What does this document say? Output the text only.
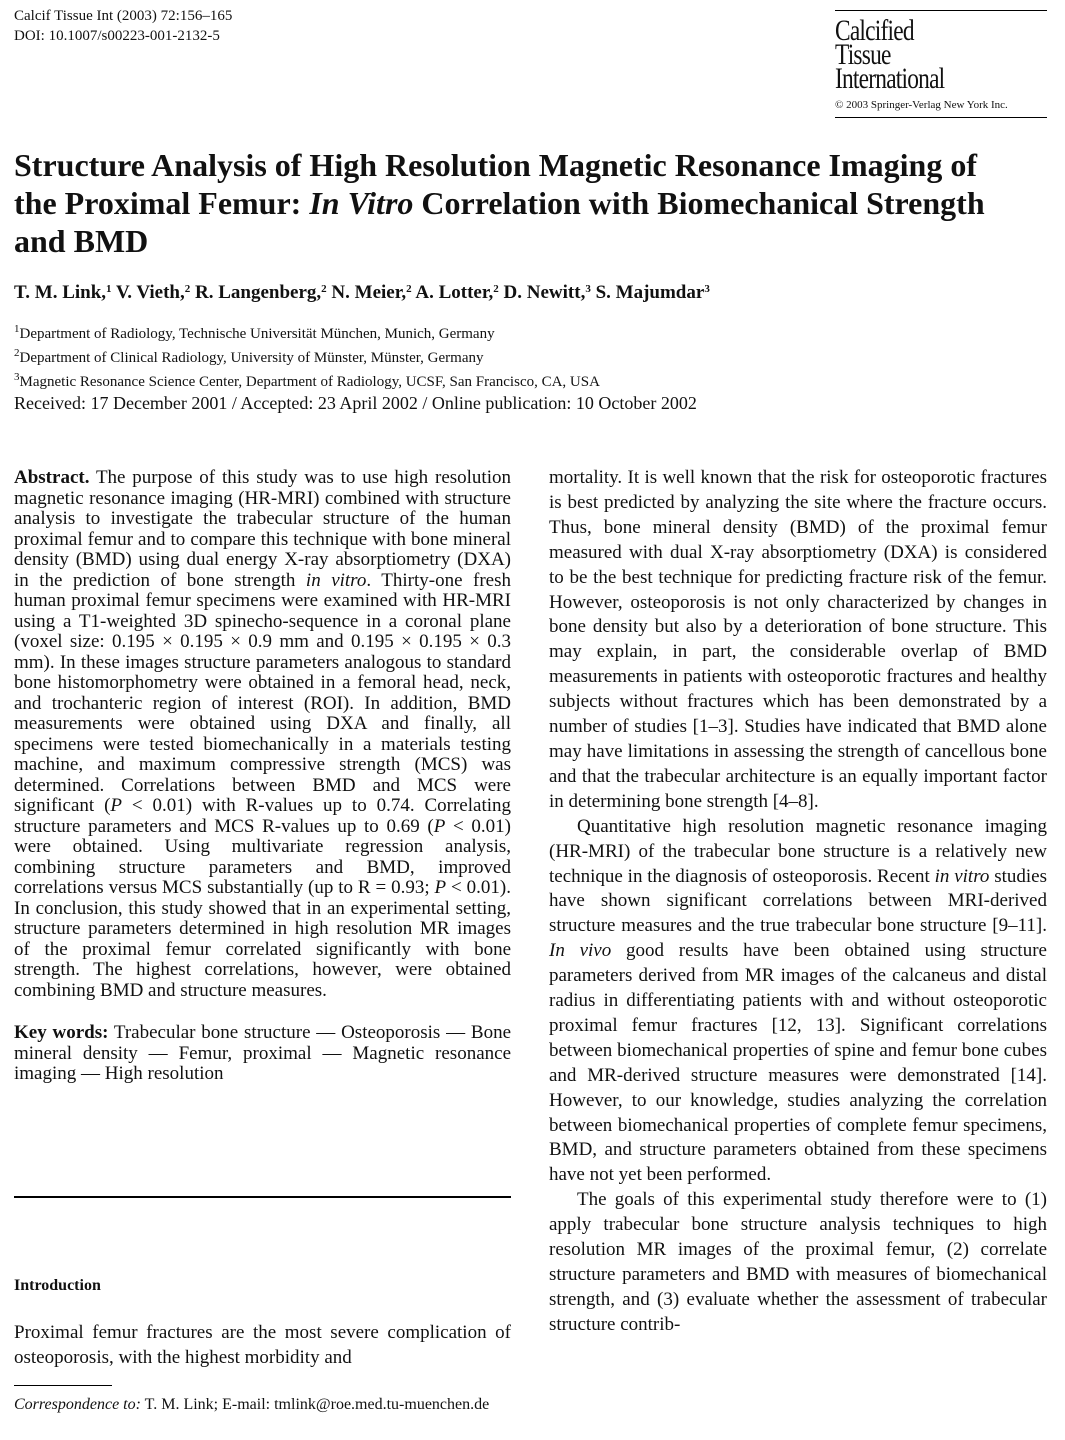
Calcif Tissue Int (2003) 72:156–165
DOI: 10.1007/s00223-001-2132-5	Calcified
Tissue
International
© 2003 Springer-Verlag New York Inc.
Structure Analysis of High Resolution Magnetic Resonance Imaging of the Proximal Femur: In Vitro Correlation with Biomechanical Strength and BMD
T. M. Link,$^1$ V. Vieth,$^2$ R. Langenberg,$^2$ N. Meier,$^2$ A. Lotter,$^2$ D. Newitt,$^3$ S. Majumdar$^3$
$^1$Department of Radiology, Technische Universität München, Munich, Germany
$^2$Department of Clinical Radiology, University of Münster, Münster, Germany
$^3$Magnetic Resonance Science Center, Department of Radiology, UCSF, San Francisco, CA, USA
Received: 17 December 2001 / Accepted: 23 April 2002 / Online publication: 10 October 2002

Abstract. The purpose of this study was to use high resolution magnetic resonance imaging (HR-MRI) combined with structure analysis to investigate the trabecular structure of the human proximal femur and to compare this technique with bone mineral density (BMD) using dual energy X-ray absorptiometry (DXA) in the prediction of bone strength in vitro. Thirty-one fresh human proximal femur specimens were examined with HR-MRI using a T1-weighted 3D spinecho-sequence in a coronal plane (voxel size: 0.195 × 0.195 × 0.9 mm and 0.195 × 0.195 × 0.3 mm). In these images structure parameters analogous to standard bone histomorphometry were obtained in a femoral head, neck, and trochanteric region of interest (ROI). In addition, BMD measurements were obtained using DXA and finally, all specimens were tested biomechanically in a materials testing machine, and maximum compressive strength (MCS) was determined. Correlations between BMD and MCS were significant (P < 0.01) with R-values up to 0.74. Correlating structure parameters and MCS R-values up to 0.69 (P < 0.01) were obtained. Using multivariate regression analysis, combining structure parameters and BMD, improved correlations versus MCS substantially (up to R = 0.93; P < 0.01). In conclusion, this study showed that in an experimental setting, structure parameters determined in high resolution MR images of the proximal femur correlated significantly with bone strength. The highest correlations, however, were obtained combining BMD and structure measures.

Key words: Trabecular bone structure — Osteoporosis — Bone mineral density — Femur, proximal — Magnetic resonance imaging — High resolution

Introduction

Proximal femur fractures are the most severe complication of osteoporosis, with the highest morbidity and

Correspondence to: T. M. Link; E-mail: tmlink@roe.med.tu-muenchen.de

mortality. It is well known that the risk for osteoporotic fractures is best predicted by analyzing the site where the fracture occurs. Thus, bone mineral density (BMD) of the proximal femur measured with dual X-ray absorptiometry (DXA) is considered to be the best technique for predicting fracture risk of the femur. However, osteoporosis is not only characterized by changes in bone density but also by a deterioration of bone structure. This may explain, in part, the considerable overlap of BMD measurements in patients with osteoporotic fractures and healthy subjects without fractures which has been demonstrated by a number of studies [1–3]. Studies have indicated that BMD alone may have limitations in assessing the strength of cancellous bone and that the trabecular architecture is an equally important factor in determining bone strength [4–8].

Quantitative high resolution magnetic resonance imaging (HR-MRI) of the trabecular bone structure is a relatively new technique in the diagnosis of osteoporosis. Recent in vitro studies have shown significant correlations between MRI-derived structure measures and the true trabecular bone structure [9–11]. In vivo good results have been obtained using structure parameters derived from MR images of the calcaneus and distal radius in differentiating patients with and without osteoporotic proximal femur fractures [12, 13]. Significant correlations between biomechanical properties of spine and femur bone cubes and MR-derived structure measures were demonstrated [14]. However, to our knowledge, studies analyzing the correlation between biomechanical properties of complete femur specimens, BMD, and structure parameters obtained from these specimens have not yet been performed.

The goals of this experimental study therefore were to (1) apply trabecular bone structure analysis techniques to high resolution MR images of the proximal femur, (2) correlate structure parameters and BMD with measures of biomechanical strength, and (3) evaluate whether the assessment of trabecular structure contrib-
